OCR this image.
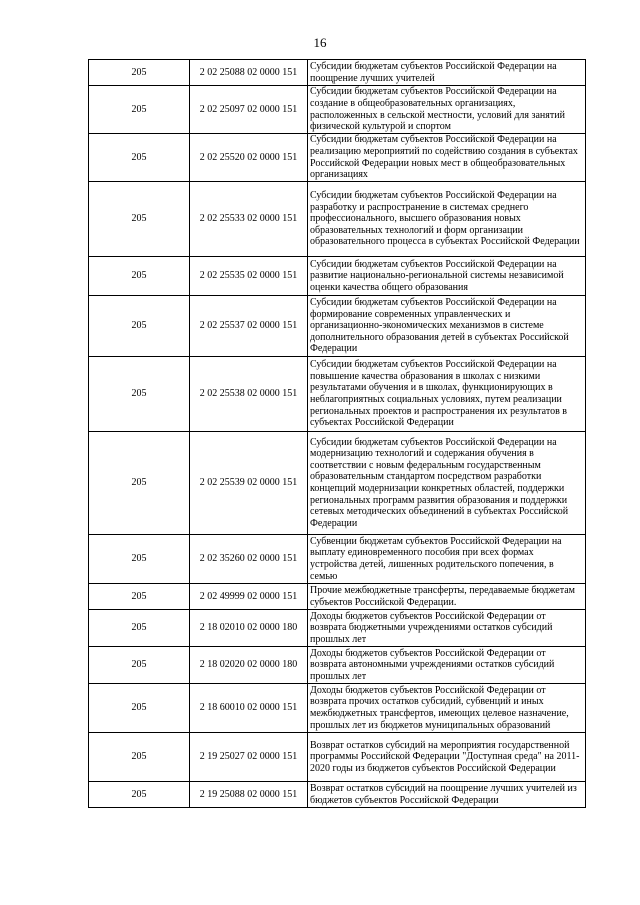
16
205	2 02 25088 02 0000 151	Субсидии бюджетам субъектов Российской Федерации на поощрение лучших учителей
205	2 02 25097 02 0000 151	Субсидии бюджетам субъектов Российской Федерации на создание в общеобразовательных организациях, расположенных в сельской местности, условий для занятий физической культурой и спортом
205	2 02 25520 02 0000 151	Субсидии бюджетам субъектов Российской Федерации на реализацию мероприятий по содействию создания в субъектах Российской Федерации новых мест в общеобразовательных организациях
205	2 02 25533 02 0000 151	Субсидии бюджетам субъектов Российской Федерации на разработку и распространение в системах среднего профессионального, высшего образования новых образовательных технологий и форм организации образовательного процесса в субъектах Российской Федерации
205	2 02 25535 02 0000 151	Субсидии бюджетам субъектов Российской Федерации на развитие национально-региональной системы независимой оценки качества общего образования
205	2 02 25537 02 0000 151	Субсидии бюджетам субъектов Российской Федерации на формирование современных управленческих и организационно-экономических механизмов в системе дополнительного образования детей в субъектах Российской Федерации
205	2 02 25538 02 0000 151	Субсидии бюджетам субъектов Российской Федерации на повышение качества образования в школах с низкими результатами обучения и в школах, функционирующих в неблагоприятных социальных условиях, путем реализации региональных проектов и распространения их результатов в субъектах Российской Федерации
205	2 02 25539 02 0000 151	Субсидии бюджетам субъектов Российской Федерации на модернизацию технологий и содержания обучения в соответствии с новым федеральным государственным образовательным стандартом посредством разработки концепций модернизации конкретных областей, поддержки региональных программ развития образования и поддержки сетевых методических объединений в субъектах Российской Федерации
205	2 02 35260 02 0000 151	Субвенции бюджетам субъектов Российской Федерации на выплату единовременного пособия при всех формах устройства детей, лишенных родительского попечения, в семью
205	2 02 49999 02 0000 151	Прочие межбюджетные трансферты, передаваемые бюджетам субъектов Российской Федерации.
205	2 18 02010 02 0000 180	Доходы бюджетов субъектов Российской Федерации от возврата бюджетными учреждениями остатков субсидий прошлых лет
205	2 18 02020 02 0000 180	Доходы бюджетов субъектов Российской Федерации от возврата автономными учреждениями остатков субсидий прошлых лет
205	2 18 60010 02 0000 151	Доходы бюджетов субъектов Российской Федерации от возврата прочих остатков субсидий, субвенций и иных межбюджетных трансфертов, имеющих целевое назначение, прошлых лет из бюджетов муниципальных образований
205	2 19 25027 02 0000 151	Возврат остатков субсидий на мероприятия государственной программы Российской Федерации "Доступная среда" на 2011-2020 годы из бюджетов субъектов Российской Федерации
205	2 19 25088 02 0000 151	Возврат остатков субсидий на поощрение лучших учителей из бюджетов субъектов Российской Федерации
